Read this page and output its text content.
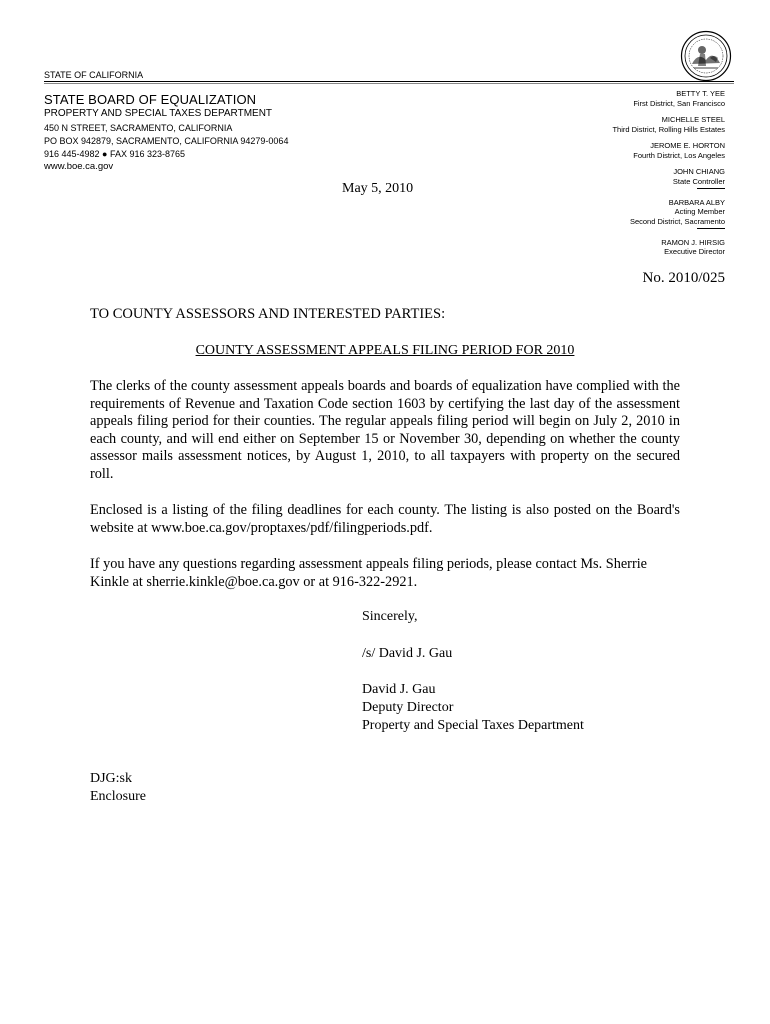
STATE OF CALIFORNIA
STATE BOARD OF EQUALIZATION
PROPERTY AND SPECIAL TAXES DEPARTMENT
450 N STREET, SACRAMENTO, CALIFORNIA
PO BOX 942879, SACRAMENTO, CALIFORNIA 94279-0064
916 445-4982 ● FAX 916 323-8765
www.boe.ca.gov
BETTY T. YEE
First District, San Francisco
MICHELLE STEEL
Third District, Rolling Hills Estates
JEROME E. HORTON
Fourth District, Los Angeles
JOHN CHIANG
State Controller
BARBARA ALBY
Acting Member
Second District, Sacramento
RAMON J. HIRSIG
Executive Director
May 5, 2010
No. 2010/025
TO COUNTY ASSESSORS AND INTERESTED PARTIES:
COUNTY ASSESSMENT APPEALS FILING PERIOD FOR 2010
The clerks of the county assessment appeals boards and boards of equalization have complied with the requirements of Revenue and Taxation Code section 1603 by certifying the last day of the assessment appeals filing period for their counties. The regular appeals filing period will begin on July 2, 2010 in each county, and will end either on September 15 or November 30, depending on whether the county assessor mails assessment notices, by August 1, 2010, to all taxpayers with property on the secured roll.
Enclosed is a listing of the filing deadlines for each county. The listing is also posted on the Board's website at www.boe.ca.gov/proptaxes/pdf/filingperiods.pdf.
If you have any questions regarding assessment appeals filing periods, please contact Ms. Sherrie Kinkle at sherrie.kinkle@boe.ca.gov or at 916-322-2921.
Sincerely,
/s/ David J. Gau
David J. Gau
Deputy Director
Property and Special Taxes Department
DJG:sk
Enclosure
